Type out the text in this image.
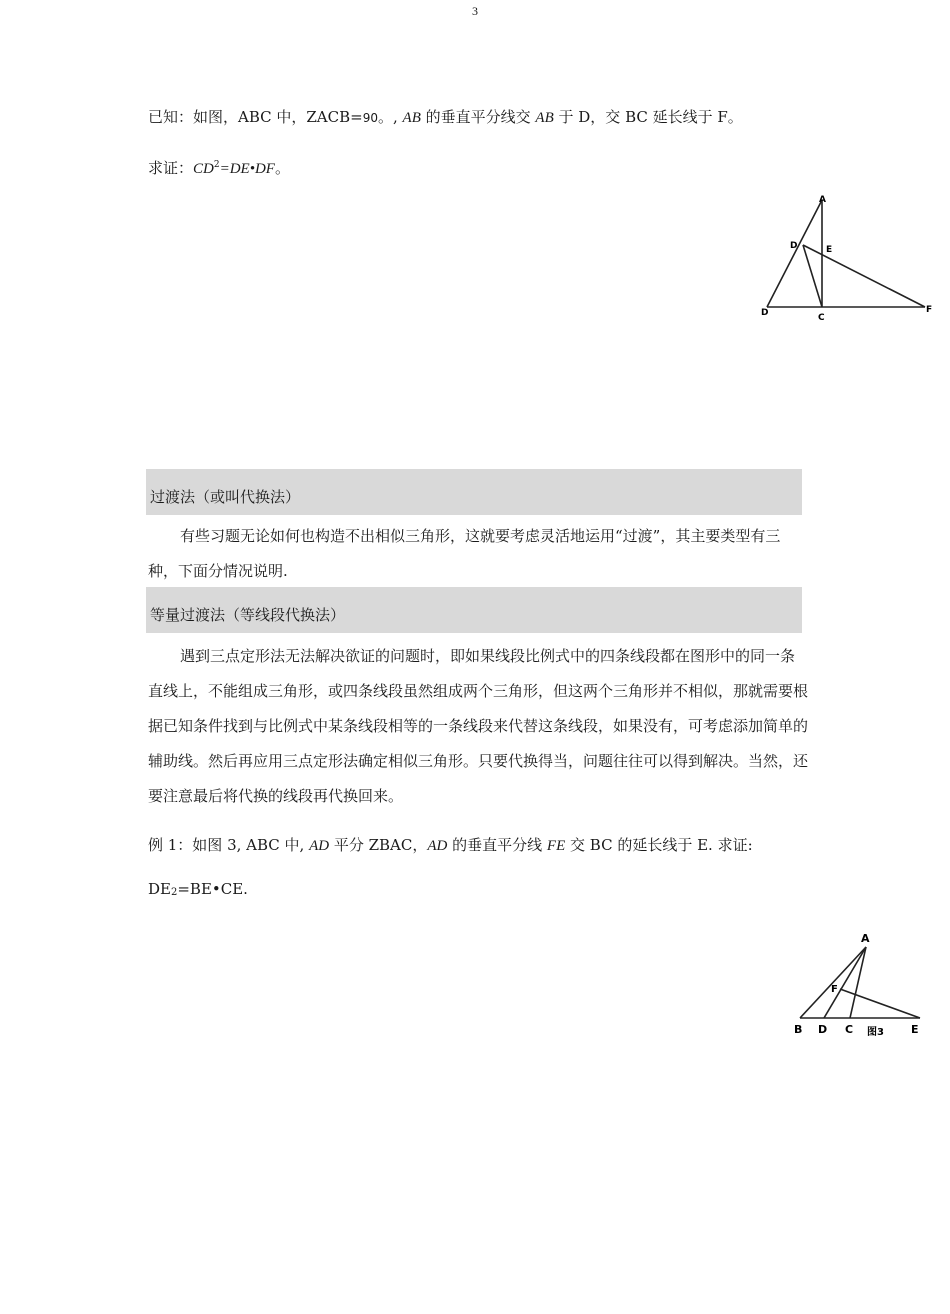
3
已知：如图，ABC 中，ZACB=90。, AB 的垂直平分线交 AB 于 D，交 BC 延长线于 F。
求证：$CD^2=DE•DF$。
A
D	E
D	C
F
过渡法（或叫代换法）
有些习题无论如何也构造不出相似三角形，这就要考虑灵活地运用“过渡”，其主要类型有三种，下面分情况说明.
等量过渡法（等线段代换法）
遇到三点定形法无法解决欲证的问题时，即如果线段比例式中的四条线段都在图形中的同一条直线上，不能组成三角形，或四条线段虽然组成两个三角形，但这两个三角形并不相似，那就需要根据已知条件找到与比例式中某条线段相等的一条线段来代替这条线段，如果没有，可考虑添加简单的辅助线。然后再应用三点定形法确定相似三角形。只要代换得当，问题往往可以得到解决。当然，还要注意最后将代换的线段再代换回来。
例 1：如图 3, ABC 中, AD 平分 ZBAC，AD 的垂直平分线 FE 交 BC 的延长线于 E. 求证:
$DE_2=BE•CE$.
A
F
B D C 图3 E
